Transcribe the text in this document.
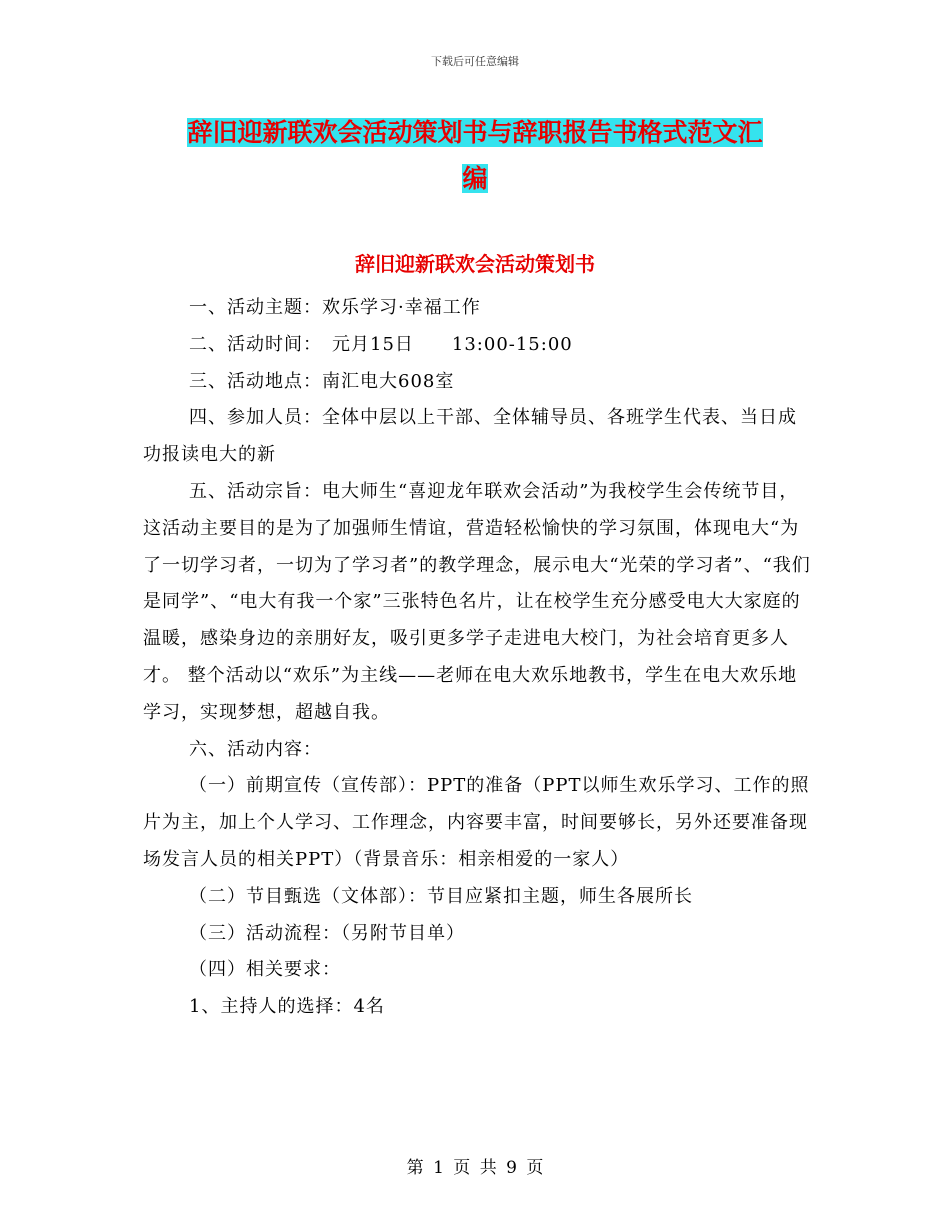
下载后可任意编辑
辞旧迎新联欢会活动策划书与辞职报告书格式范文汇
编
辞旧迎新联欢会活动策划书

一、活动主题：欢乐学习·幸福工作

二、活动时间：　元月15日　　13:00-15:00

三、活动地点：南汇电大608室

四、参加人员：全体中层以上干部、全体辅导员、各班学生代表、当日成功报读电大的新

五、活动宗旨：电大师生“喜迎龙年联欢会活动”为我校学生会传统节目，这活动主要目的是为了加强师生情谊，营造轻松愉快的学习氛围，体现电大“为了一切学习者，一切为了学习者”的教学理念，展示电大“光荣的学习者”、“我们是同学”、“电大有我一个家”三张特色名片，让在校学生充分感受电大大家庭的温暖，感染身边的亲朋好友，吸引更多学子走进电大校门，为社会培育更多人才。 整个活动以“欢乐”为主线——老师在电大欢乐地教书，学生在电大欢乐地学习，实现梦想，超越自我。

六、活动内容：

（一）前期宣传（宣传部）：PPT的准备（PPT以师生欢乐学习、工作的照片为主，加上个人学习、工作理念，内容要丰富，时间要够长，另外还要准备现场发言人员的相关PPT）（背景音乐：相亲相爱的一家人）

（二）节目甄选（文体部）：节目应紧扣主题，师生各展所长

（三）活动流程：（另附节目单）

（四）相关要求：

1、主持人的选择：4名

第 1 页 共 9 页
